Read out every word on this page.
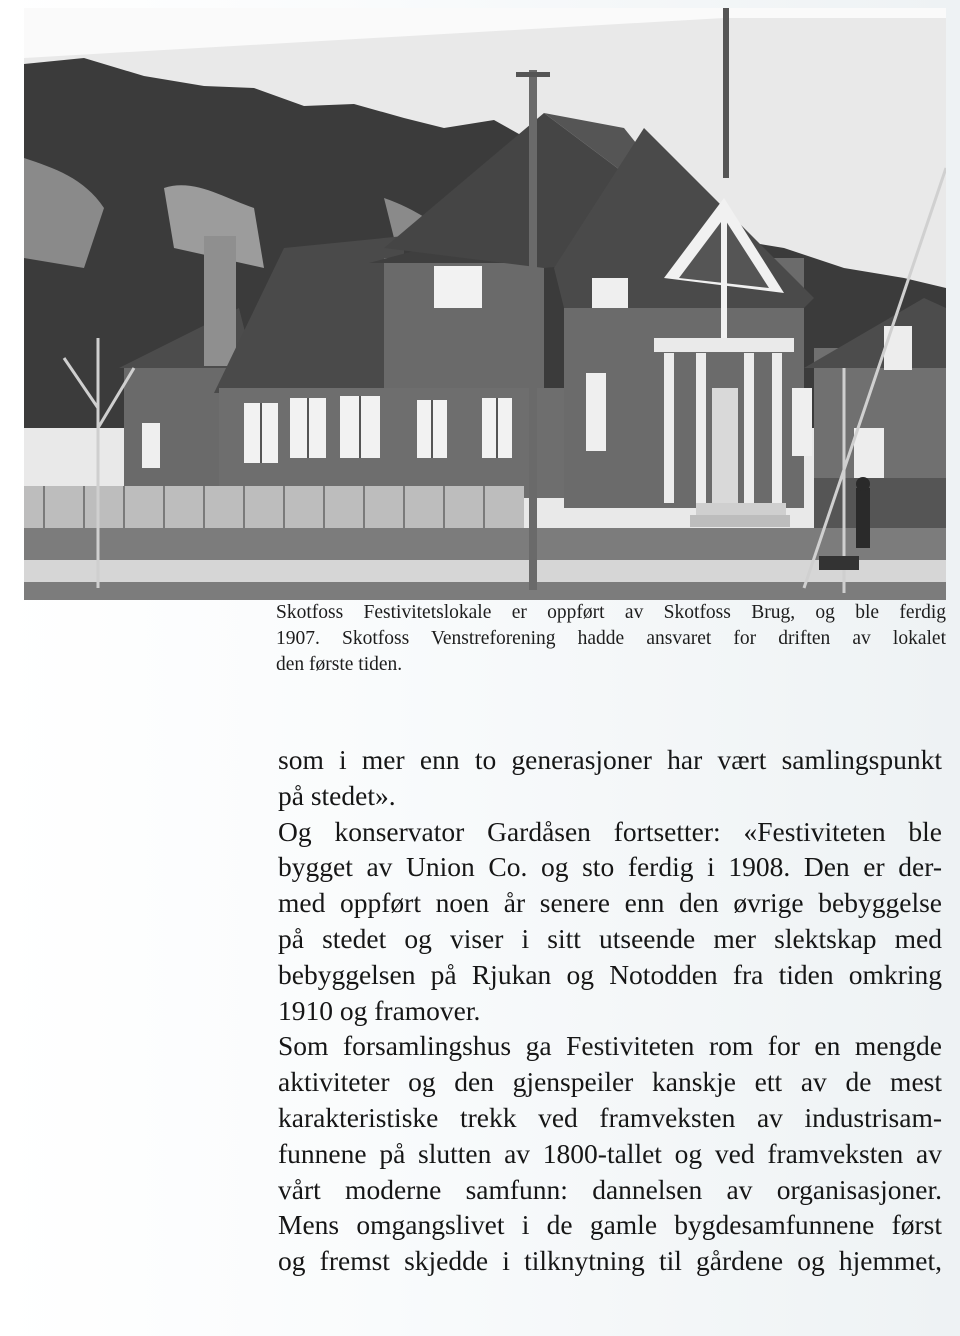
Skotfoss Festivitetslokale er oppført av Skotfoss Brug, og ble ferdig
1907. Skotfoss Venstreforening hadde ansvaret for driften av lokalet
den første tiden.
som i mer enn to generasjoner har vært samlingspunkt
på stedet».
Og konservator Gardåsen fortsetter: «Festiviteten ble
bygget av Union Co. og sto ferdig i 1908. Den er der-
med oppført noen år senere enn den øvrige bebyggelse
på stedet og viser i sitt utseende mer slektskap med
bebyggelsen på Rjukan og Notodden fra tiden omkring
1910 og framover.
Som forsamlingshus ga Festiviteten rom for en mengde
aktiviteter og den gjenspeiler kanskje ett av de mest
karakteristiske trekk ved framveksten av industrisam-
funnene på slutten av 1800-tallet og ved framveksten av
vårt moderne samfunn: dannelsen av organisasjoner.
Mens omgangslivet i de gamle bygdesamfunnene først
og fremst skjedde i tilknytning til gårdene og hjemmet,
